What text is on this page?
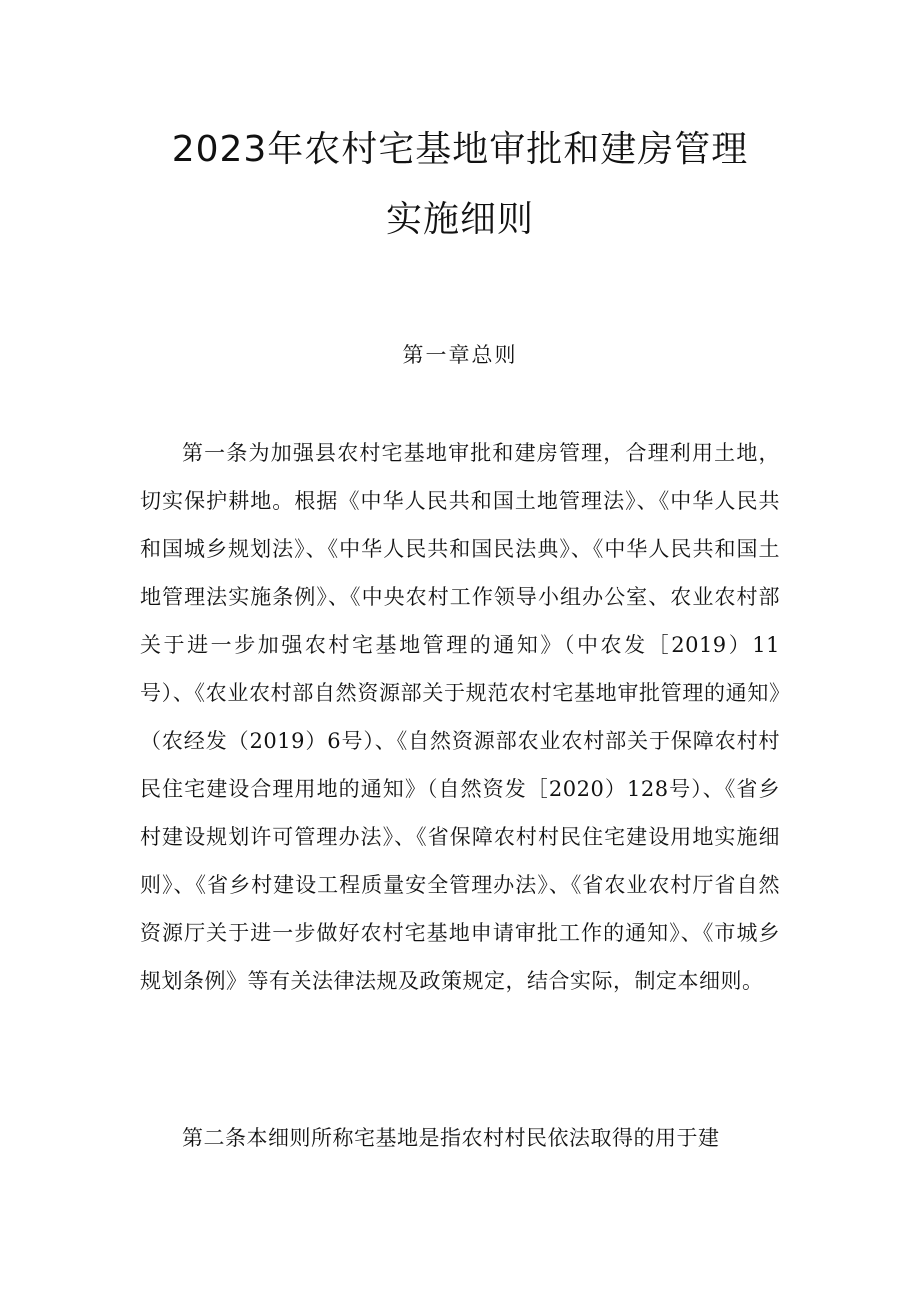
2023年农村宅基地审批和建房管理
实施细则
第一章总则

第一条为加强县农村宅基地审批和建房管理，合理利用土地，切实保护耕地。根据《中华人民共和国土地管理法》、《中华人民共和国城乡规划法》、《中华人民共和国民法典》、《中华人民共和国土地管理法实施条例》、《中央农村工作领导小组办公室、农业农村部关于进一步加强农村宅基地管理的通知》（中农发［2019）11号）、《农业农村部自然资源部关于规范农村宅基地审批管理的通知》（农经发（2019）6号）、《自然资源部农业农村部关于保障农村村民住宅建设合理用地的通知》（自然资发［2020）128号）、《省乡村建设规划许可管理办法》、《省保障农村村民住宅建设用地实施细则》、《省乡村建设工程质量安全管理办法》、《省农业农村厅省自然资源厅关于进一步做好农村宅基地申请审批工作的通知》、《市城乡规划条例》等有关法律法规及政策规定，结合实际，制定本细则。

第二条本细则所称宅基地是指农村村民依法取得的用于建
